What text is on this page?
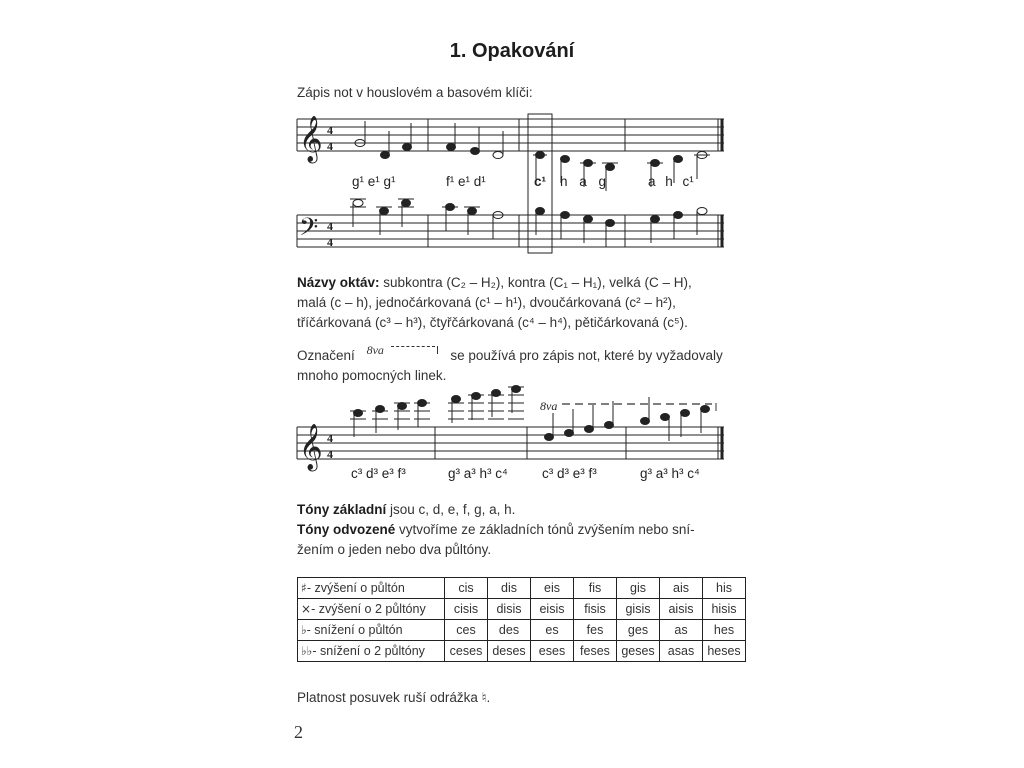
1. Opakování
Zápis not v houslovém a basovém klíči:
𝄞
𝄢
4
4
4
4
g¹ e¹ g¹	f¹ e¹ d¹	c¹ h a g	a h c¹
Názvy oktáv: subkontra (C₂ – H₂), kontra (C₁ – H₁), velká (C – H),
malá (c – h), jednočárkovaná (c¹ – h¹), dvoučárkovaná (c² – h²),
tříčárkovaná (c³ – h³), čtyřčárkovaná (c⁴ – h⁴), pětičárkovaná (c⁵).
Označení 8va	se používá pro zápis not, které by vyžadovaly
mnoho pomocných linek.
𝄞 4
4
8va
c³ d³ e³ f³	g³ a³ h³ c⁴	c³ d³ e³ f³	g³ a³ h³ c⁴
Tóny základní jsou c, d, e, f, g, a, h.
Tóny odvozené vytvoříme ze základních tónů zvýšením nebo sní-
žením o jeden nebo dva půltóny.
♯- zvýšení o půltón	cis	dis	eis	fis	gis	ais	his
×- zvýšení o 2 půltóny	cisis	disis	eisis	fisis	gisis	aisis	hisis
♭- snížení o půltón	ces	des	es	fes	ges	as	hes
♭♭- snížení o 2 půltóny	ceses	deses	eses	feses	geses	asas	heses
Platnost posuvek ruší odrážka ♮.
2
